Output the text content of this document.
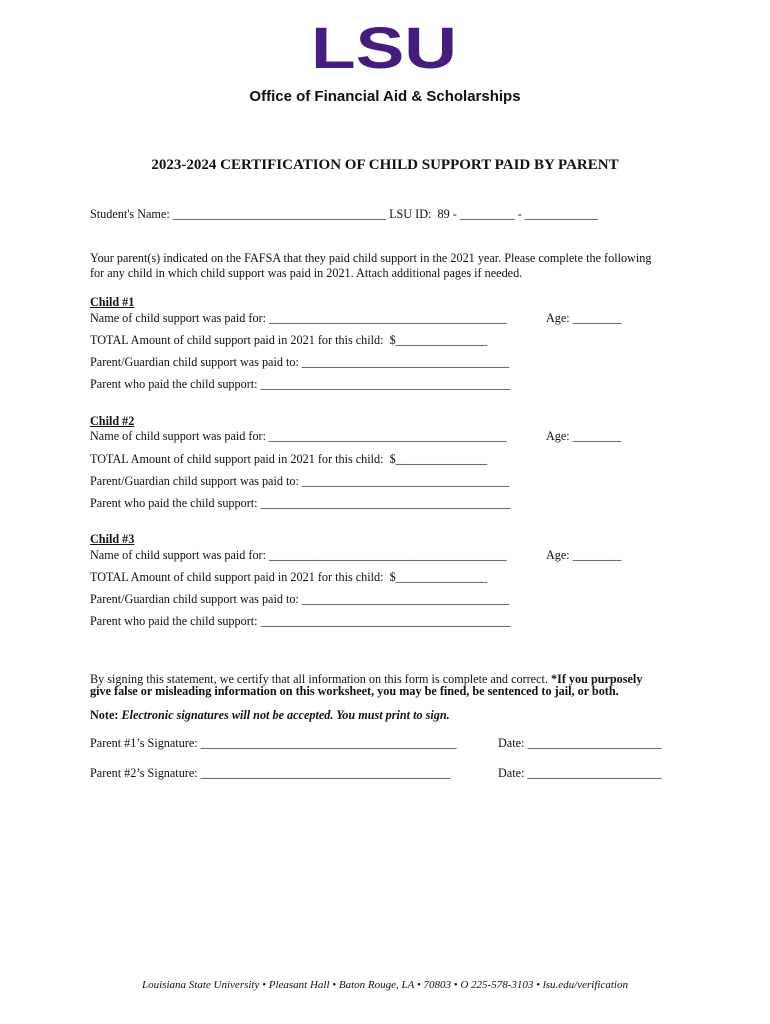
LSU
Office of Financial Aid & Scholarships
2023-2024 CERTIFICATION OF CHILD SUPPORT PAID BY PARENT
Student's Name: ___________________________________ LSU ID:  89 - _________ - ____________
Your parent(s) indicated on the FAFSA that they paid child support in the 2021 year. Please complete the following
for any child in which child support was paid in 2021. Attach additional pages if needed.
Child #1
Name of child support was paid for: _______________________________________	Age: ________
TOTAL Amount of child support paid in 2021 for this child:  $_______________
Parent/Guardian child support was paid to: __________________________________
Parent who paid the child support: _________________________________________
Child #2
Name of child support was paid for: _______________________________________	Age: ________
TOTAL Amount of child support paid in 2021 for this child:  $_______________
Parent/Guardian child support was paid to: __________________________________
Parent who paid the child support: _________________________________________
Child #3
Name of child support was paid for: _______________________________________	Age: ________
TOTAL Amount of child support paid in 2021 for this child:  $_______________
Parent/Guardian child support was paid to: __________________________________
Parent who paid the child support: _________________________________________
By signing this statement, we certify that all information on this form is complete and correct. *If you purposely
give false or misleading information on this worksheet, you may be fined, be sentenced to jail, or both.
Note: Electronic signatures will not be accepted. You must print to sign.
Parent #1’s Signature: __________________________________________	Date: ______________________
Parent #2’s Signature: _________________________________________	Date: ______________________
Louisiana State University • Pleasant Hall • Baton Rouge, LA • 70803 • O 225-578-3103 • lsu.edu/verification
